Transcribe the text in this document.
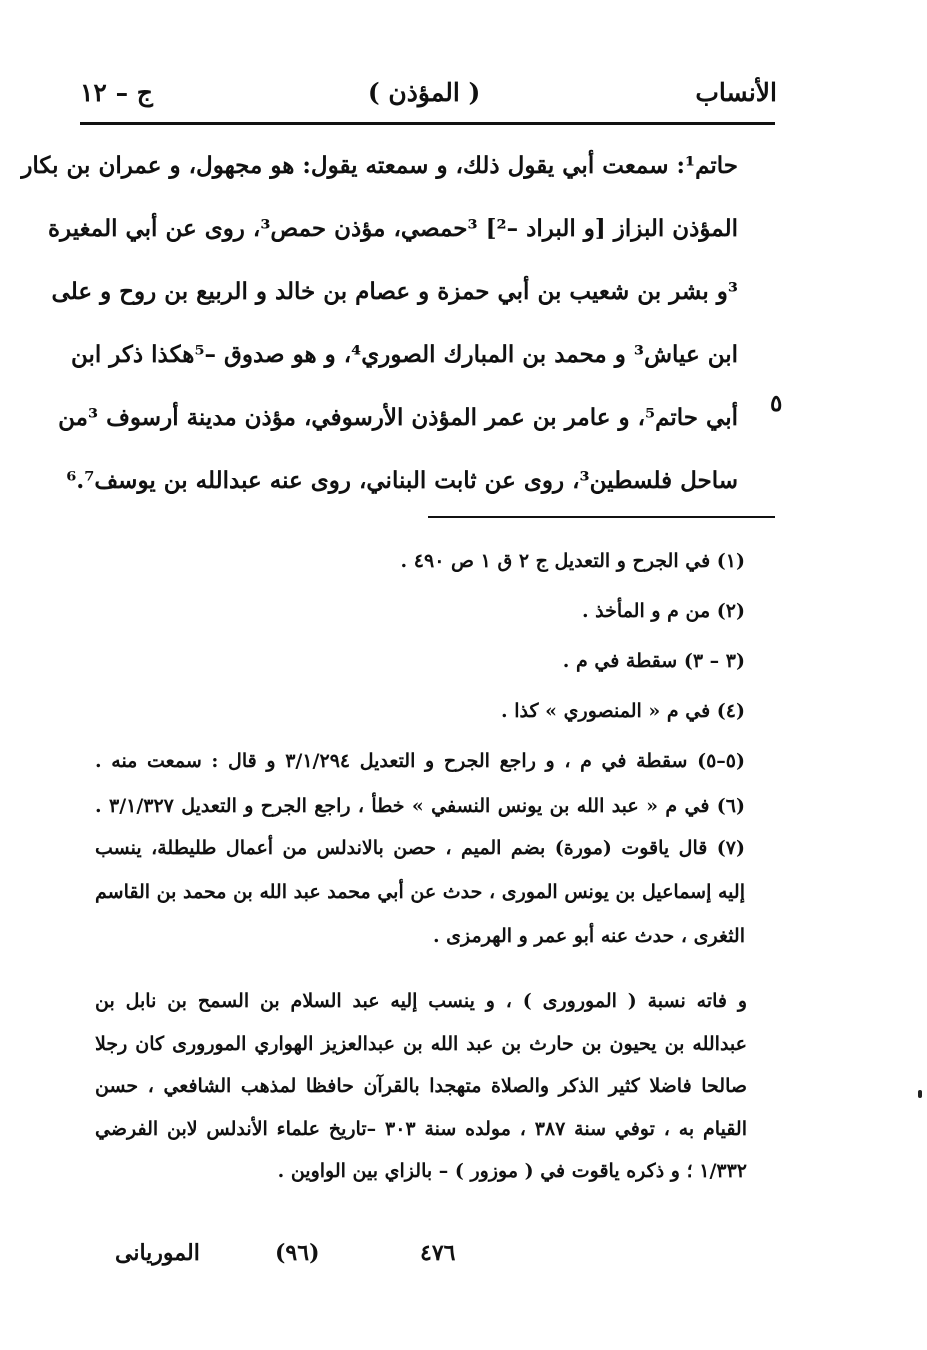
الأنساب
( المؤذن )
ج – ١٢
حاتم¹: سمعت أبي يقول ذلك، و سمعته يقول: هو مجهول، و عمران بن بكار
المؤذن البزاز [و البراد –²] ³حمصي، مؤذن حمص³، روى عن أبي المغيرة
³و بشر بن شعيب بن أبي حمزة و عصام بن خالد و الربيع بن روح و على
ابن عياش³ و محمد بن المبارك الصوري⁴، و هو صدوق –⁵هكذا ذكر ابن
أبي حاتم⁵، و عامر بن عمر المؤذن الأرسوفي، مؤذن مدينة أرسوف ³من
ساحل فلسطين³، روى عن ثابت البناني، روى عنه عبدالله بن يوسف⁶.⁷
٥
(١) في الجرح و التعديل ج ٢ ق ١ ص ٤٩٠ .
(٢) من م و المأخذ .
(٣ – ٣) سقطة في م .
(٤) في م « المنصوري » كذا .
(٥–٥) سقطة في م ، و راجع الجرح و التعديل ٣/١/٢٩٤ و قال : سمعت منه .
(٦) في م « عبد الله بن يونس النسفي » خطأ ، راجع الجرح و التعديل ٣/١/٣٢٧ .
(٧) قال ياقوت (مورة) بضم الميم ، حصن بالاندلس من أعمال طليطلة، ينسب
إليه إسماعيل بن يونس المورى ، حدث عن أبي محمد عبد الله بن محمد بن القاسم
الثغرى ، حدث عنه أبو عمر و الهرمزى .
و فاته نسبة ( المورورى ) ، و ينسب إليه عبد السلام بن السمح بن نابل بن
عبدالله بن يحيون بن حارث بن عبد الله بن عبدالعزيز الهواري المورورى كان رجلا
صالحا فاضلا كثير الذكر والصلاة متهجدا بالقرآن حافظا لمذهب الشافعي ، حسن
القيام به ، توفي سنة ٣٨٧ ، مولده سنة ٣٠٣ –تاريخ علماء الأندلس لابن الفرضي
١/٣٣٢ ؛ و ذكره ياقوت في ( موزور ) – بالزاي بين الواوين .
الموريانى	(٩٦)	٤٧٦
